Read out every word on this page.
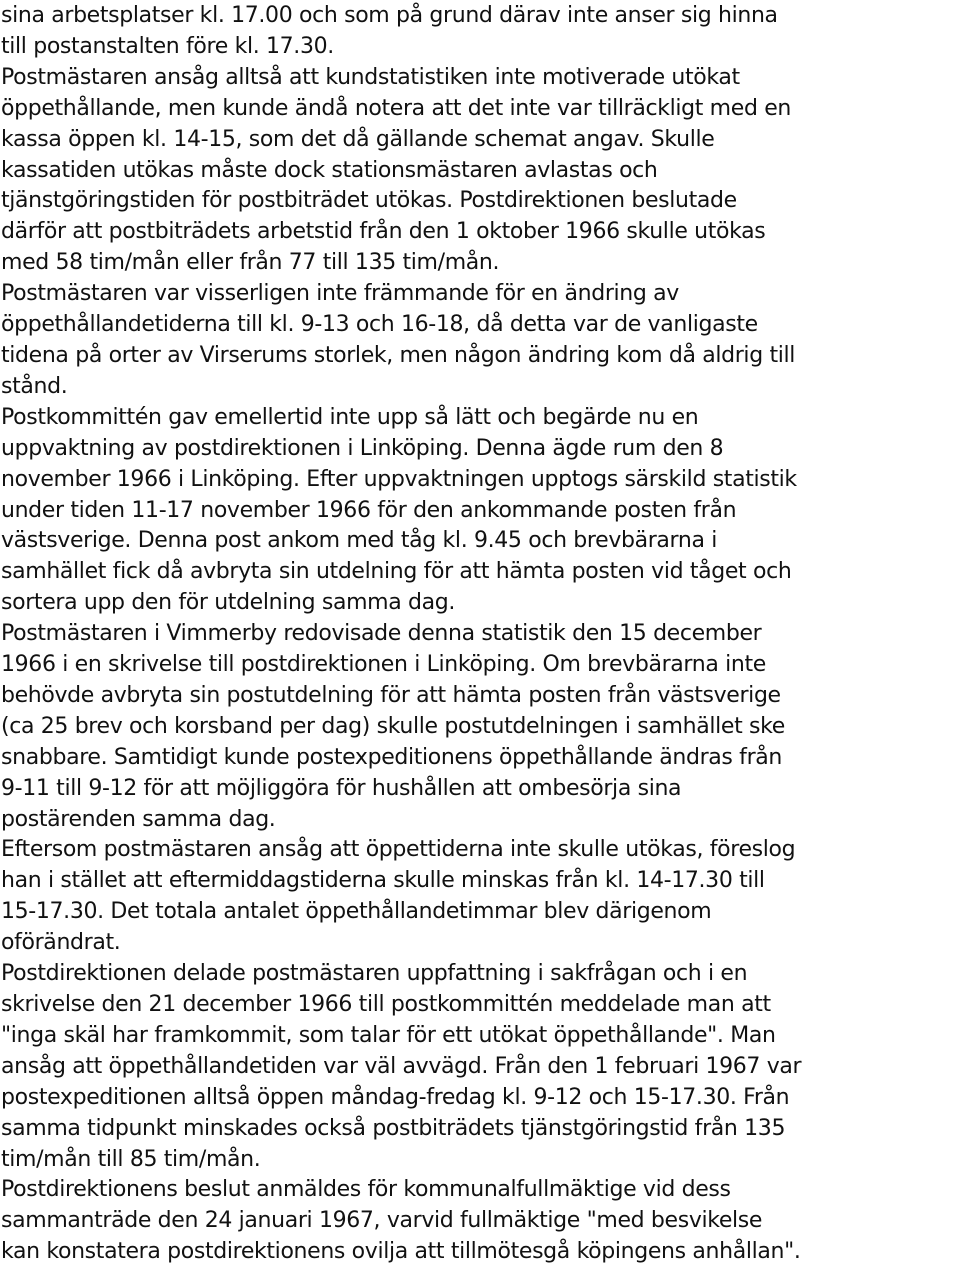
sina arbetsplatser kl. 17.00 och som på grund därav inte anser sig hinna

till postanstalten före kl. 17.30.

Postmästaren ansåg alltså att kundstatistiken inte motiverade utökat

öppethållande, men kunde ändå notera att det inte var tillräckligt med en

kassa öppen kl. 14-15, som det då gällande schemat angav. Skulle

kassatiden utökas måste dock stationsmästaren avlastas och

tjänstgöringstiden för postbiträdet utökas. Postdirektionen beslutade

därför att postbiträdets arbetstid från den 1 oktober 1966 skulle utökas

med 58 tim/mån eller från 77 till 135 tim/mån.

Postmästaren var visserligen inte främmande för en ändring av

öppethållandetiderna till kl. 9-13 och 16-18, då detta var de vanligaste

tidena på orter av Virserums storlek, men någon ändring kom då aldrig till

stånd.

Postkommittén gav emellertid inte upp så lätt och begärde nu en

uppvaktning av postdirektionen i Linköping. Denna ägde rum den 8

november 1966 i Linköping. Efter uppvaktningen upptogs särskild statistik

under tiden 11-17 november 1966 för den ankommande posten från

västsverige. Denna post ankom med tåg kl. 9.45 och brevbärarna i

samhället fick då avbryta sin utdelning för att hämta posten vid tåget och

sortera upp den för utdelning samma dag.

Postmästaren i Vimmerby redovisade denna statistik den 15 december

1966 i en skrivelse till postdirektionen i Linköping. Om brevbärarna inte

behövde avbryta sin postutdelning för att hämta posten från västsverige

(ca 25 brev och korsband per dag) skulle postutdelningen i samhället ske

snabbare. Samtidigt kunde postexpeditionens öppethållande ändras från

9-11 till 9-12 för att möjliggöra för hushållen att ombesörja sina

postärenden samma dag.

Eftersom postmästaren ansåg att öppettiderna inte skulle utökas, föreslog

han i stället att eftermiddagstiderna skulle minskas från kl. 14-17.30 till

15-17.30. Det totala antalet öppethållandetimmar blev därigenom

oförändrat.

Postdirektionen delade postmästaren uppfattning i sakfrågan och i en

skrivelse den 21 december 1966 till postkommittén meddelade man att

"inga skäl har framkommit, som talar för ett utökat öppethållande". Man

ansåg att öppethållandetiden var väl avvägd. Från den 1 februari 1967 var

postexpeditionen alltså öppen måndag-fredag kl. 9-12 och 15-17.30. Från

samma tidpunkt minskades också postbiträdets tjänstgöringstid från 135

tim/mån till 85 tim/mån.

Postdirektionens beslut anmäldes för kommunalfullmäktige vid dess

sammanträde den 24 januari 1967, varvid fullmäktige "med besvikelse

kan konstatera postdirektionens ovilja att tillmötesgå köpingens anhållan".
